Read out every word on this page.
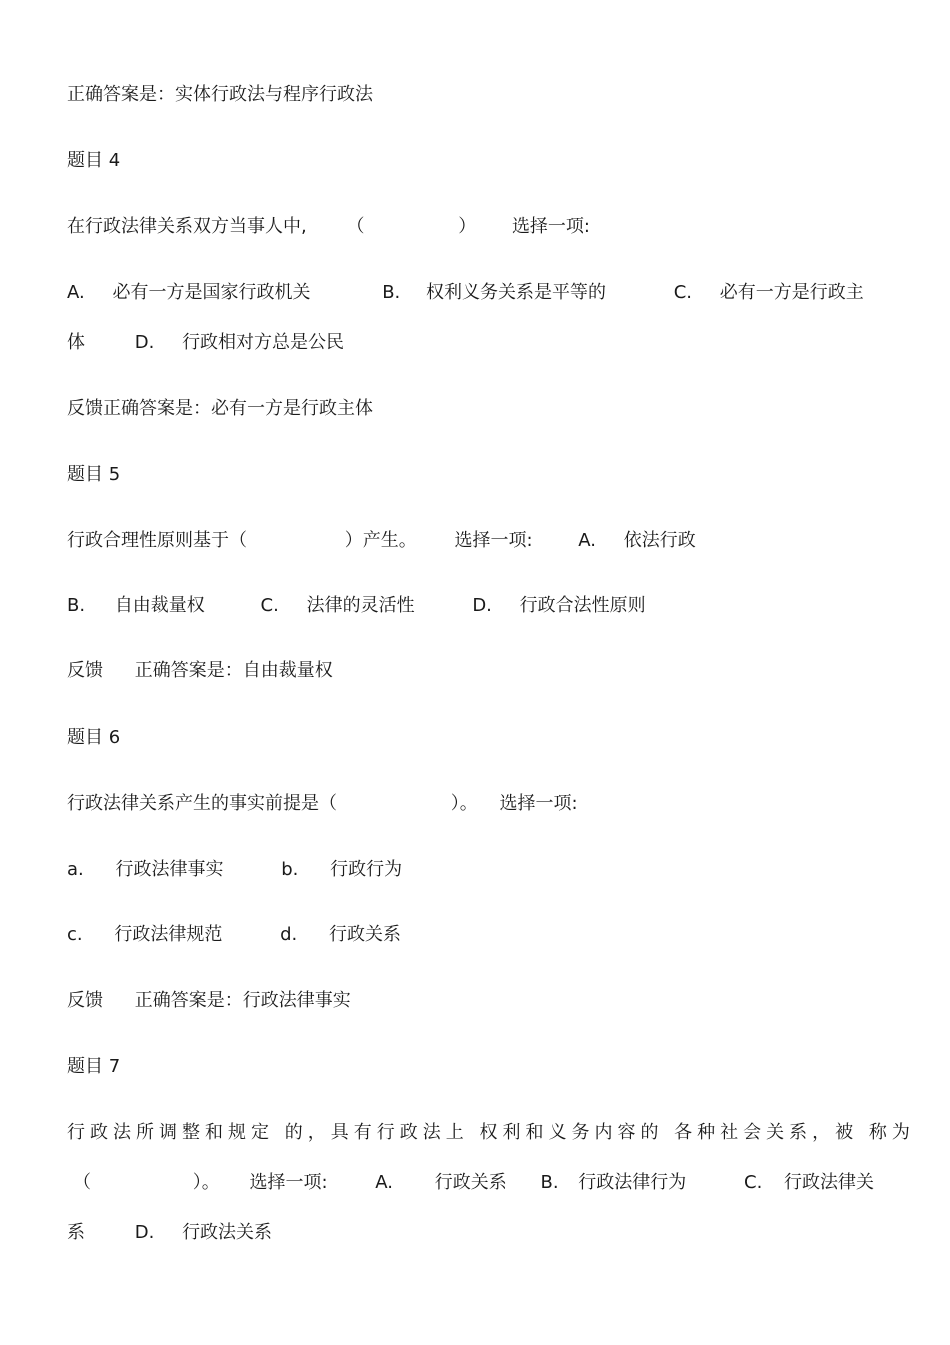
正确答案是：实体行政法与程序行政法
题目 4
在行政法律关系双方当事人中, （	） 选择一项:
A. 必有一方是国家行政机关	B. 权利义务关系是平等的	C. 必有一方是行政主
体	D. 行政相对方总是公民
反馈正确答案是：必有一方是行政主体
题目 5
行政合理性原则基于（	）产生。 选择一项:	A. 依法行政
B. 自由裁量权	C. 法律的灵活性	D. 行政合法性原则
反馈 正确答案是：自由裁量权
题目 6
行政法律关系产生的事实前提是（	）。 选择一项:
a. 行政法律事实	b. 行政行为
c. 行政法律规范	d. 行政关系
反馈 正确答案是：行政法律事实
题目 7
行政法所调整和规定 的，具有行政法上 权利和义务内容的 各种社会关系，被 称为
（	）。 选择一项:	A. 行政关系 B. 行政法律行为	C. 行政法律关
系	D. 行政法关系
